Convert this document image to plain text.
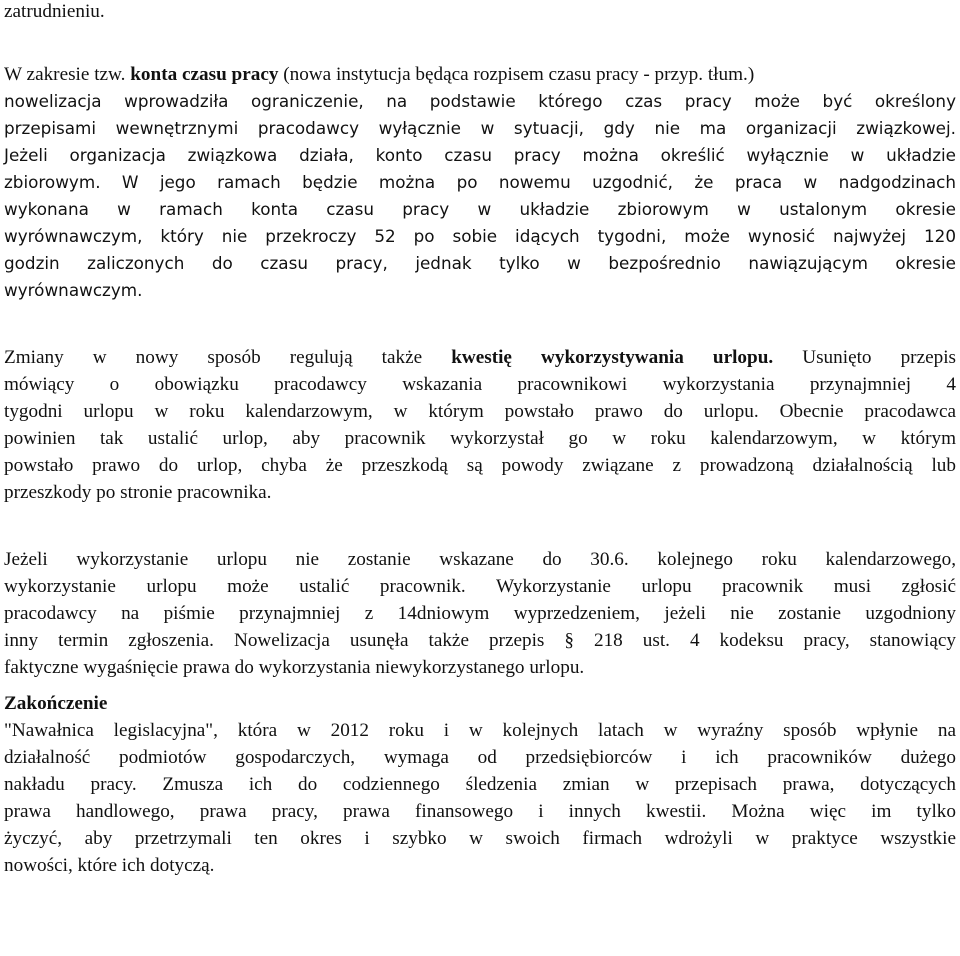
zatrudnieniu.
W zakresie tzw. konta czasu pracy (nowa instytucja będąca rozpisem czasu pracy - przyp. tłum.)
nowelizacja wprowadziła ograniczenie, na podstawie którego czas pracy może być określony
przepisami wewnętrznymi pracodawcy wyłącznie w sytuacji, gdy nie ma organizacji związkowej.
Jeżeli organizacja związkowa działa, konto czasu pracy można określić wyłącznie w układzie
zbiorowym. W jego ramach będzie można po nowemu uzgodnić, że praca w nadgodzinach
wykonana w ramach konta czasu pracy w układzie zbiorowym w ustalonym okresie
wyrównawczym, który nie przekroczy 52 po sobie idących tygodni, może wynosić najwyżej 120
godzin zaliczonych do czasu pracy, jednak tylko w bezpośrednio nawiązującym okresie
wyrównawczym.
Zmiany w nowy sposób regulują także kwestię wykorzystywania urlopu. Usunięto przepis
mówiący o obowiązku pracodawcy wskazania pracownikowi wykorzystania przynajmniej 4
tygodni urlopu w roku kalendarzowym, w którym powstało prawo do urlopu. Obecnie pracodawca
powinien tak ustalić urlop, aby pracownik wykorzystał go w roku kalendarzowym, w którym
powstało prawo do urlop, chyba że przeszkodą są powody związane z prowadzoną działalnością lub
przeszkody po stronie pracownika.
Jeżeli wykorzystanie urlopu nie zostanie wskazane do 30.6. kolejnego roku kalendarzowego,
wykorzystanie urlopu może ustalić pracownik. Wykorzystanie urlopu pracownik musi zgłosić
pracodawcy na piśmie przynajmniej z 14dniowym wyprzedzeniem, jeżeli nie zostanie uzgodniony
inny termin zgłoszenia. Nowelizacja usunęła także przepis § 218 ust. 4 kodeksu pracy, stanowiący
faktyczne wygaśnięcie prawa do wykorzystania niewykorzystanego urlopu.
Zakończenie
"Nawałnica legislacyjna", która w 2012 roku i w kolejnych latach w wyraźny sposób wpłynie na
działalność podmiotów gospodarczych, wymaga od przedsiębiorców i ich pracowników dużego
nakładu pracy. Zmusza ich do codziennego śledzenia zmian w przepisach prawa, dotyczących
prawa handlowego, prawa pracy, prawa finansowego i innych kwestii. Można więc im tylko
życzyć, aby przetrzymali ten okres i szybko w swoich firmach wdrożyli w praktyce wszystkie
nowości, które ich dotyczą.
